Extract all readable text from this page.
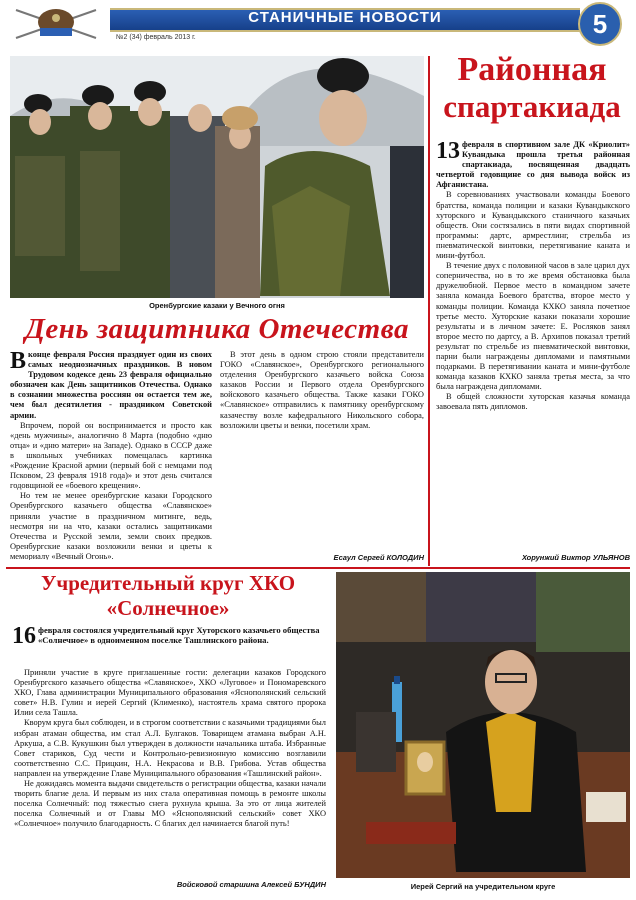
СТАНИЧНЫЕ НОВОСТИ
№2 (34) февраль 2013 г.	5
Оренбургские казаки у Вечного огня
День защитника Отечества
Вконце февраля Россия празднует один из своих самых неоднозначных праздников. В новом Трудовом кодексе день 23 февраля официально обозначен как День защитников Отечества. Однако в сознании множества россиян он остается тем же, чем был десятилетия - праздником Советской армии.

Впрочем, порой он воспринимается и просто как «день мужчины», аналогично 8 Марта (подобно «дню отца» и «дню матери» на Западе). Однако в СССР даже в школьных учебниках помещалась картинка «Рождение Красной армии (первый бой с немцами под Псковом, 23 февраля 1918 года)» и этот день считался годовщиной ее «боевого крещения».

Но тем не менее оренбургские казаки Городского Оренбургского казачьего общества «Славянское» приняли участие в праздничном митинге, ведь, несмотря ни на что, казаки остались защитниками Отечества и Русской земли, земли своих предков. Оренбургские казаки возложили венки и цветы к мемориалу «Вечный Огонь».

В этот день в одном строю стояли представители ГОКО «Славянское», Оренбургского регионального отделения Оренбургского казачьего войска Союза казаков России и Первого отдела Оренбургского войскового казачьего общества. Также казаки ГОКО «Славянское» отправились к памятнику оренбургскому казачеству возле кафедрального Никольского собора, возложили цветы и венки, посетили храм.

Есаул Сергей КОЛОДИН
Районная
спартакиада
13 февраля в спортивном зале ДК «Криолит» Кувандыка прошла третья районная спартакиада, посвященная двадцать четвертой годовщине со дня вывода войск из Афганистана.

В соревнованиях участвовали команды Боевого братства, команда полиции и казаки Кувандыкского хуторского и Кувандыкского станичного казачьих обществ. Они состязались в пяти видах спортивной программы: дартс, армрестлинг, стрельба из пневматической винтовки, перетягивание каната и мини-футбол.

В течение двух с половиной часов в зале царил дух соперничества, но в то же время обстановка была дружелюбной. Первое место в командном зачете заняла команда Боевого братства, второе место у команды полиции. Команда КХКО заняла почетное третье место. Хуторские казаки показали хорошие результаты и в личном зачете: Е. Росляков занял второе место по дартсу, а В. Архипов показал третий результат по стрельбе из пневматической винтовки, парни были награждены дипломами и памятными подарками. В перетягивании каната и мини-футболе команда казаков КХКО заняла третья места, за что была награждена дипломами.

В общей сложности хуторская казачья команда завоевала пять дипломов.

Хорунжий Виктор УЛЬЯНОВ
Учредительный круг ХКО
«Солнечное»
16 февраля состоялся учредительный круг Хуторского казачьего общества «Солнечное» в одноименном поселке Ташлинского района.

Приняли участие в круге приглашенные гости: делегации казаков Городского Оренбургского казачьего общества «Славянское», ХКО «Луговое» и Пономаревского ХКО, Глава администрации Муниципального образования «Яснополянский сельский совет» Н.В. Гулин и иерей Сергий (Клименко), настоятель храма святого пророка Илии села Ташла.

Кворум круга был соблюден, и в строгом соответствии с казачьими традициями был избран атаман общества, им стал А.Л. Булгаков. Товарищем атамана выбран А.Н. Аркуша, а С.В. Кукушкин был утвержден в должности начальника штаба. Избранные Совет стариков, Суд чести и Контрольно-ревизионную комиссию возглавили соответственно С.С. Прицкин, Н.А. Некрасова и В.В. Грибова. Устав общества направлен на утверждение Главе Муниципального образования «Ташлинский район».

Не дожидаясь момента выдачи свидетельств о регистрации общества, казаки начали творить благие дела. И первым из них стала оперативная помощь в ремонте школы поселка Солнечный: под тяжестью снега рухнула крыша. За это от лица жителей поселка Солнечный и от Главы МО «Яснополянский сельский» совет ХКО «Солнечное» получило благодарность. С благих дел начинается благой путь!

Войсковой старшина Алексей БУНДИН	Иерей Сергий на учредительном круге
